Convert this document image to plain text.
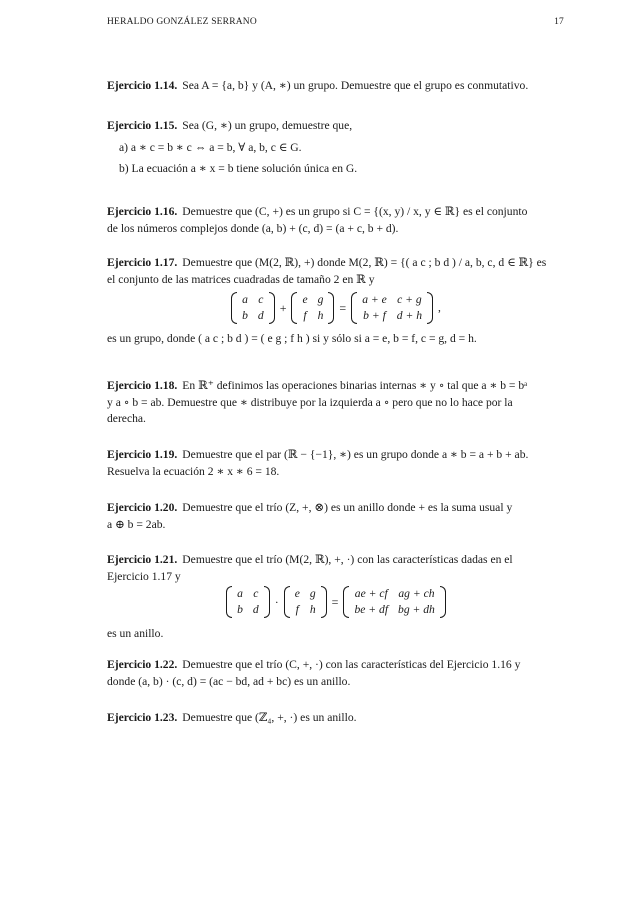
HERALDO GONZÁLEZ SERRANO	17
Ejercicio 1.14. Sea A = {a, b} y (A, ∗) un grupo. Demuestre que el grupo es conmutativo.
Ejercicio 1.15. Sea (G, ∗) un grupo, demuestre que,
a) a ∗ c = b ∗ c ⇔ a = b, ∀ a, b, c ∈ G.
b) La ecuación a ∗ x = b tiene solución única en G.
Ejercicio 1.16. Demuestre que (C, +) es un grupo si C = {(x, y) / x, y ∈ ℝ} es el conjunto
de los números complejos donde (a, b) + (c, d) = (a + c, b + d).
Ejercicio 1.17. Demuestre que (M(2, ℝ), +) donde M(2, ℝ) = {( a c ; b d ) / a, b, c, d ∈ ℝ} es
el conjunto de las matrices cuadradas de tamaño 2 en ℝ y
a	c
b	d
+
e	g
f	h
=
a + e	c + g
b + f	d + h
,
es un grupo, donde ( a c ; b d ) = ( e g ; f h ) si y sólo si a = e, b = f, c = g, d = h.
Ejercicio 1.18. En ℝ⁺ definimos las operaciones binarias internas ∗ y ∘ tal que a ∗ b = bᵃ
y a ∘ b = ab. Demuestre que ∗ distribuye por la izquierda a ∘ pero que no lo hace por la
derecha.
Ejercicio 1.19. Demuestre que el par (ℝ − {−1}, ∗) es un grupo donde a ∗ b = a + b + ab.
Resuelva la ecuación 2 ∗ x ∗ 6 = 18.
Ejercicio 1.20. Demuestre que el trío (Z, +, ⊗) es un anillo donde + es la suma usual y
a ⊕ b = 2ab.
Ejercicio 1.21. Demuestre que el trío (M(2, ℝ), +, ·) con las características dadas en el
Ejercicio 1.17 y
a	c
b	d
·
e	g
f	h
=
ae + cf	ag + ch
be + df	bg + dh
es un anillo.
Ejercicio 1.22. Demuestre que el trío (C, +, ·) con las características del Ejercicio 1.16 y
donde (a, b) · (c, d) = (ac − bd, ad + bc) es un anillo.
Ejercicio 1.23. Demuestre que (ℤ₄, +, ·) es un anillo.
